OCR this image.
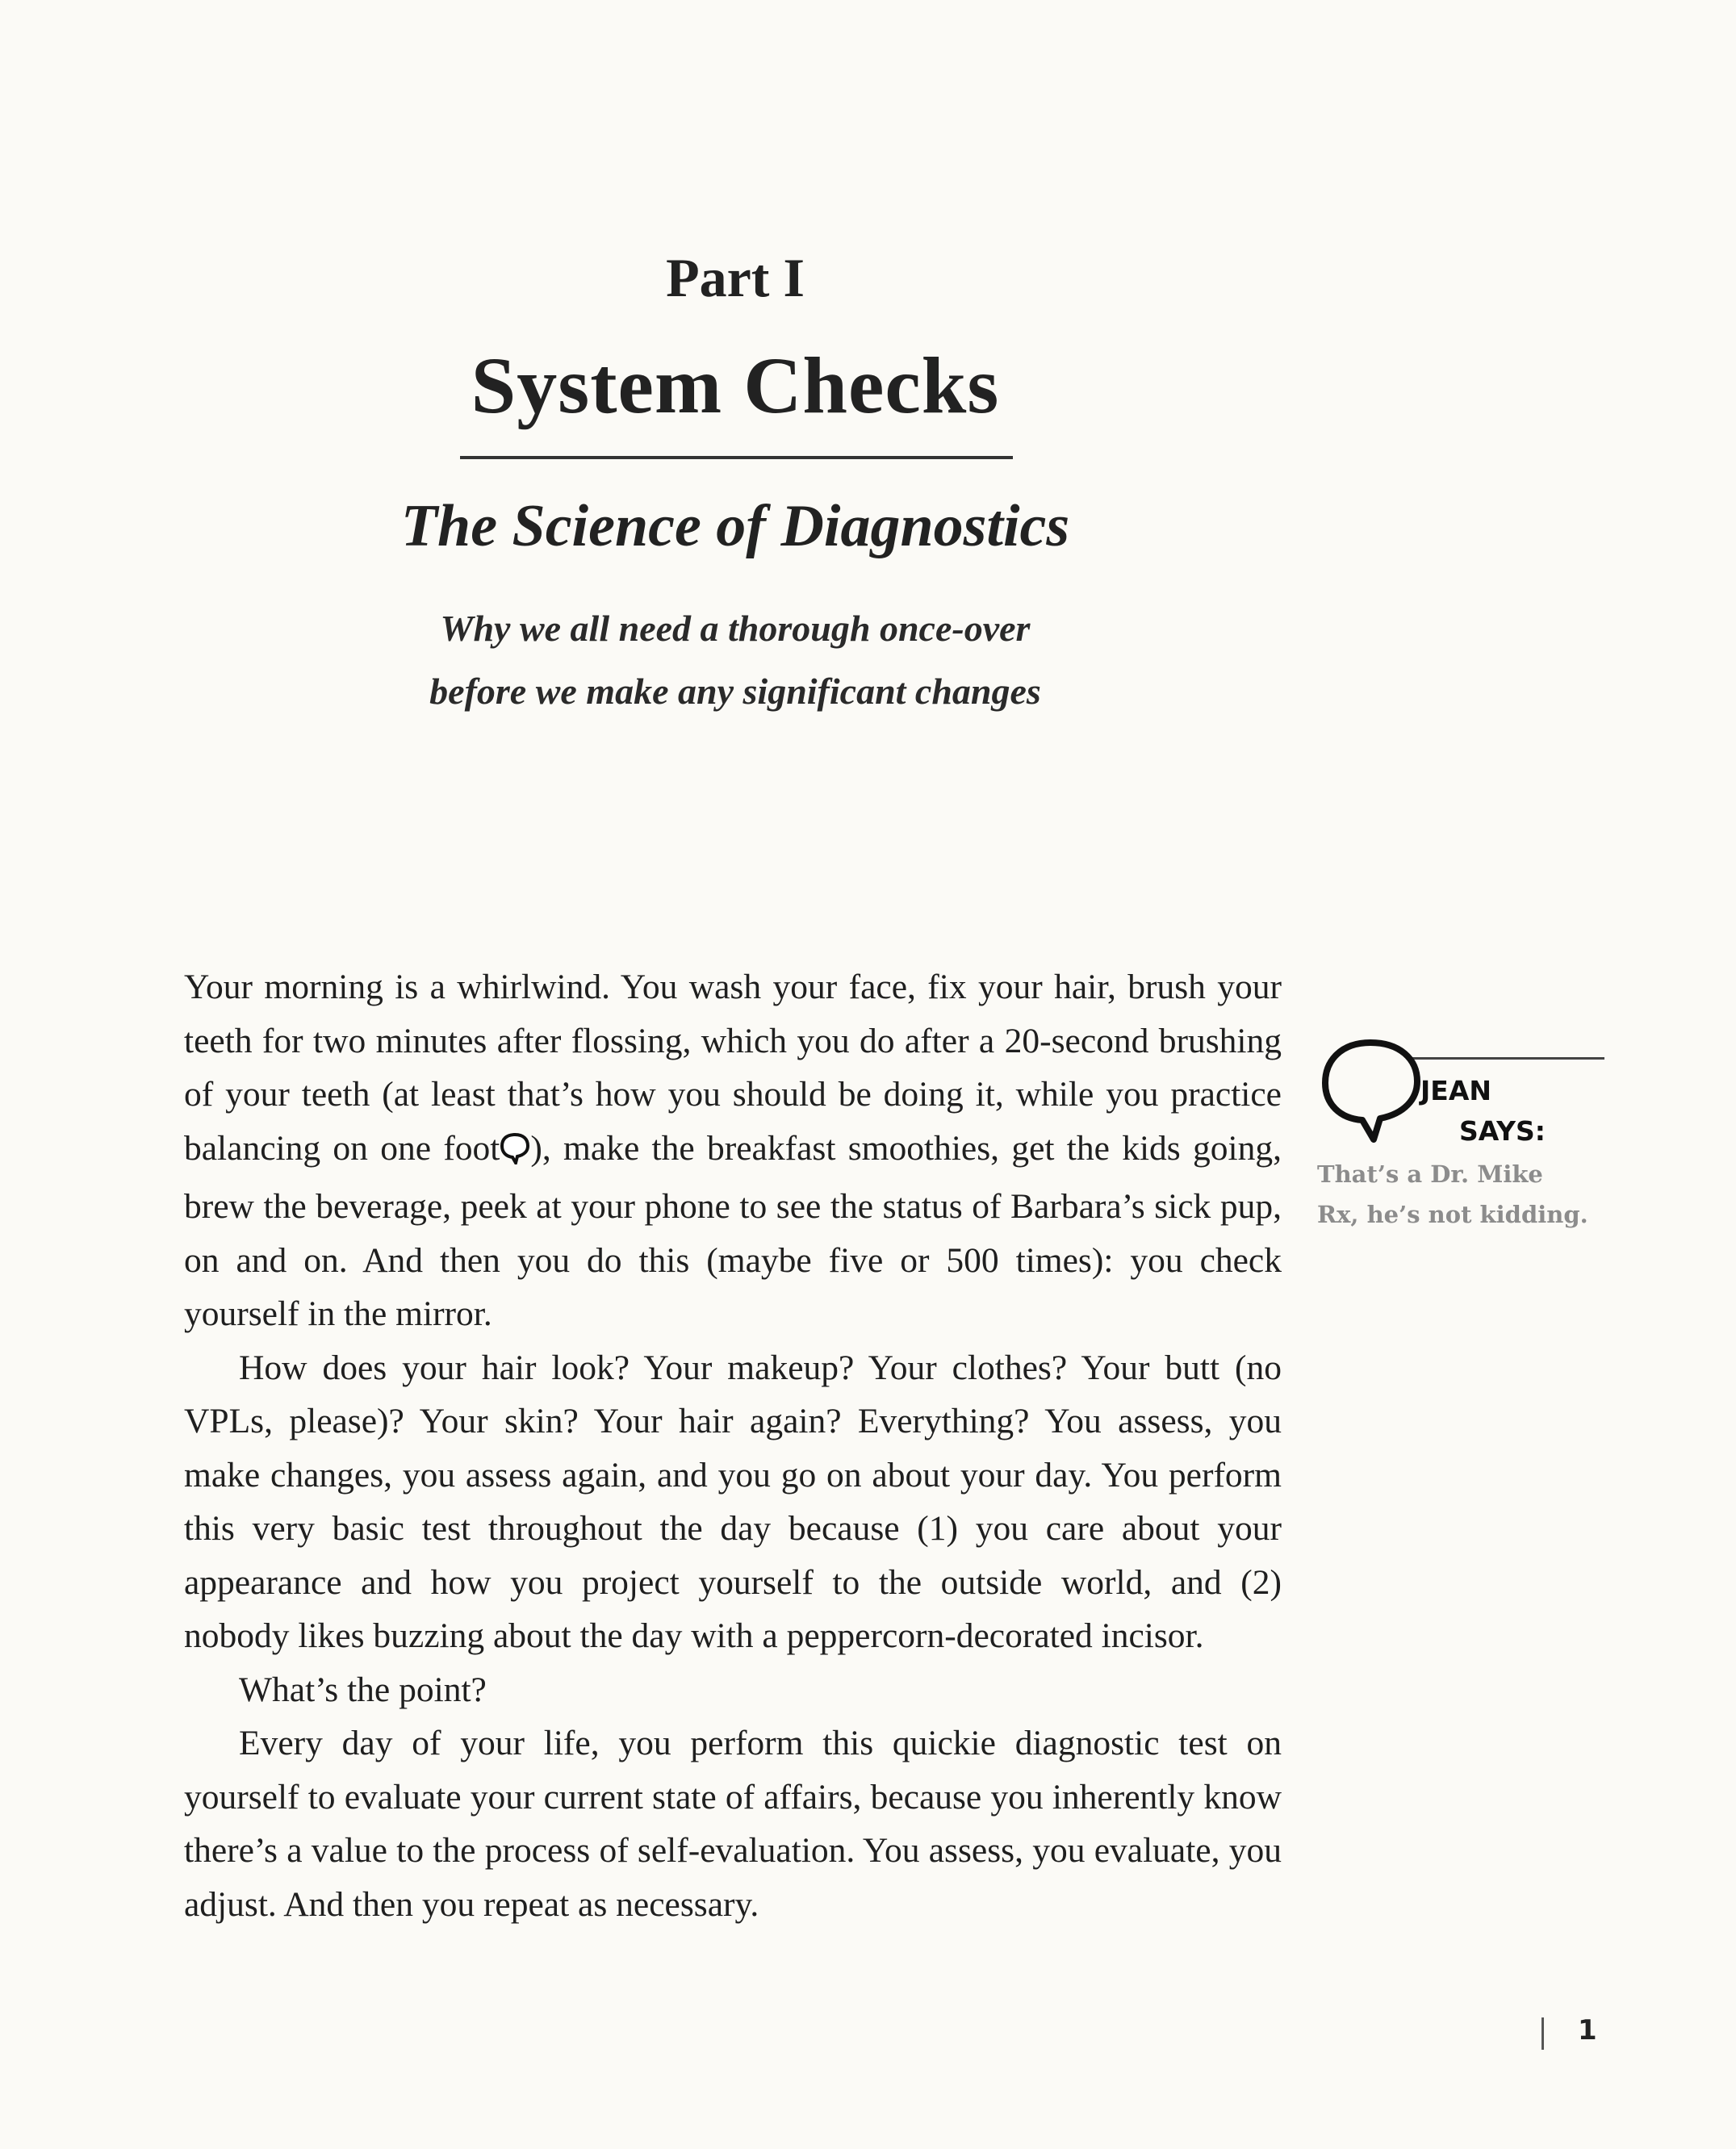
Part I
System Checks
The Science of Diagnostics
Why we all need a thorough once-over
before we make any significant changes

Your morning is a whirlwind. You wash your face, fix your hair, brush your teeth for two minutes after flossing, which you do after a 20-second brushing of your teeth (at least that’s how you should be doing it, while you practice balancing on one foot ), make the breakfast smoothies, get the kids going, brew the beverage, peek at your phone to see the status of Barbara’s sick pup, on and on. And then you do this (maybe five or 500 times): you check yourself in the mirror.

How does your hair look? Your makeup? Your clothes? Your butt (no VPLs, please)? Your skin? Your hair again? Everything? You assess, you make changes, you assess again, and you go on about your day. You perform this very basic test throughout the day because (1) you care about your appearance and how you project yourself to the outside world, and (2) nobody likes buzzing about the day with a peppercorn-decorated incisor.

What’s the point?

Every day of your life, you perform this quickie diagnostic test on yourself to evaluate your current state of affairs, because you inherently know there’s a value to the process of self-evaluation. You assess, you evaluate, you adjust. And then you repeat as necessary.

JEAN
SAYS:
That’s a Dr. Mike Rx, he’s not kidding.
1
